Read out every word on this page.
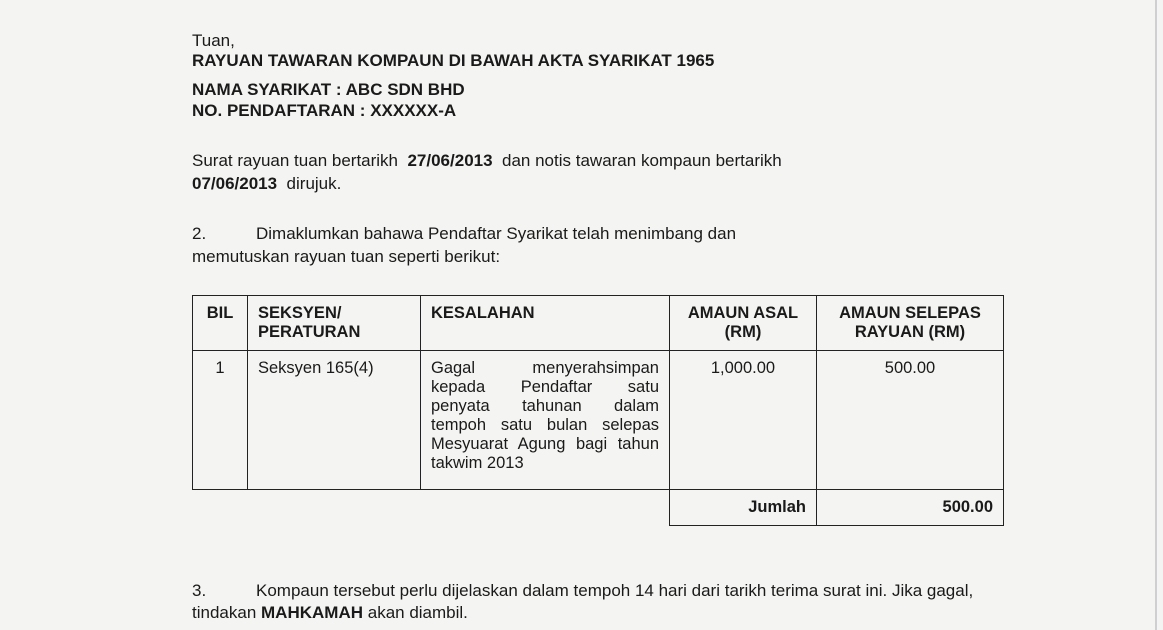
Tuan,
RAYUAN TAWARAN KOMPAUN DI BAWAH AKTA SYARIKAT 1965
NAMA SYARIKAT : ABC SDN BHD
NO. PENDAFTARAN : XXXXXX-A
Surat rayuan tuan bertarikh 27/06/2013 dan notis tawaran kompaun bertarikh
07/06/2013 dirujuk.
2.	Dimaklumkan bahawa Pendaftar Syarikat telah menimbang dan
memutuskan rayuan tuan seperti berikut:
BIL	SEKSYEN/ PERATURAN	KESALAHAN	AMAUN ASAL (RM)	AMAUN SELEPAS RAYUAN (RM)
1	Seksyen 165(4)	Gagal menyerahsimpan kepada Pendaftar satu penyata tahunan dalam tempoh satu bulan selepas Mesyuarat Agung bagi tahun takwim 2013	1,000.00	500.00
			Jumlah	500.00
3.	Kompaun tersebut perlu dijelaskan dalam tempoh 14 hari dari tarikh terima surat ini. Jika gagal, tindakan MAHKAMAH akan diambil.
